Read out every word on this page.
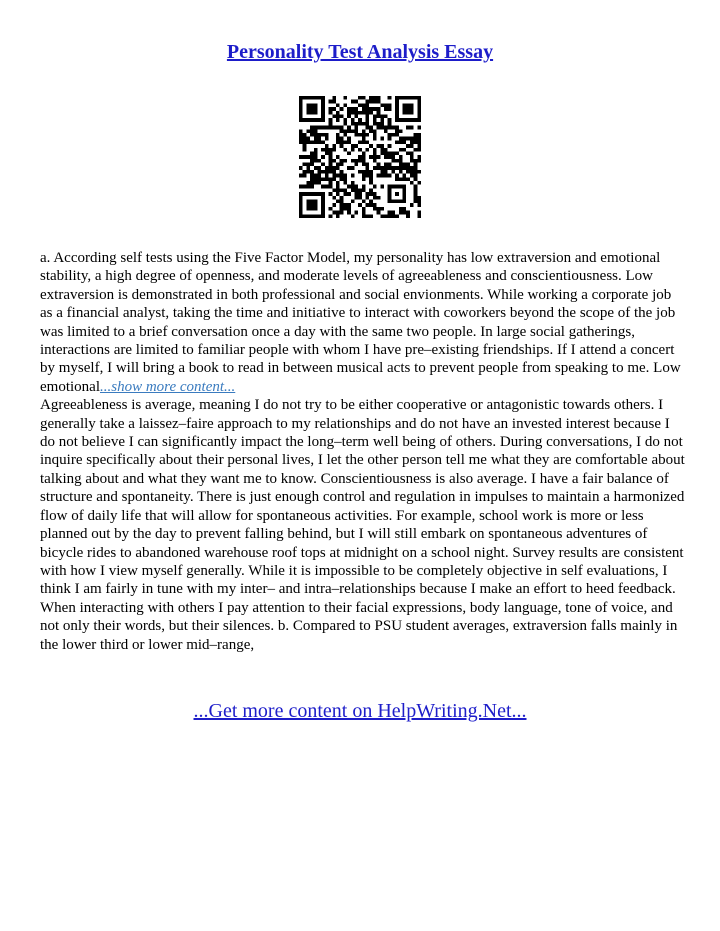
Personality Test Analysis Essay

a. According self tests using the Five Factor Model, my personality has low extraversion and emotional stability, a high degree of openness, and moderate levels of agreeableness and conscientiousness. Low extraversion is demonstrated in both professional and social envionments. While working a corporate job as a financial analyst, taking the time and initiative to interact with coworkers beyond the scope of the job was limited to a brief conversation once a day with the same two people. In large social gatherings, interactions are limited to familiar people with whom I have pre–existing friendships. If I attend a concert by myself, I will bring a book to read in between musical acts to prevent people from speaking to me. Low emotional...show more content...
Agreeableness is average, meaning I do not try to be either cooperative or antagonistic towards others. I generally take a laissez–faire approach to my relationships and do not have an invested interest because I do not believe I can significantly impact the long–term well being of others. During conversations, I do not inquire specifically about their personal lives, I let the other person tell me what they are comfortable about talking about and what they want me to know. Conscientiousness is also average. I have a fair balance of structure and spontaneity. There is just enough control and regulation in impulses to maintain a harmonized flow of daily life that will allow for spontaneous activities. For example, school work is more or less planned out by the day to prevent falling behind, but I will still embark on spontaneous adventures of bicycle rides to abandoned warehouse roof tops at midnight on a school night. Survey results are consistent with how I view myself generally. While it is impossible to be completely objective in self evaluations, I think I am fairly in tune with my inter– and intra–relationships because I make an effort to heed feedback. When interacting with others I pay attention to their facial expressions, body language, tone of voice, and not only their words, but their silences. b. Compared to PSU student averages, extraversion falls mainly in the lower third or lower mid–range,

...Get more content on HelpWriting.Net...
